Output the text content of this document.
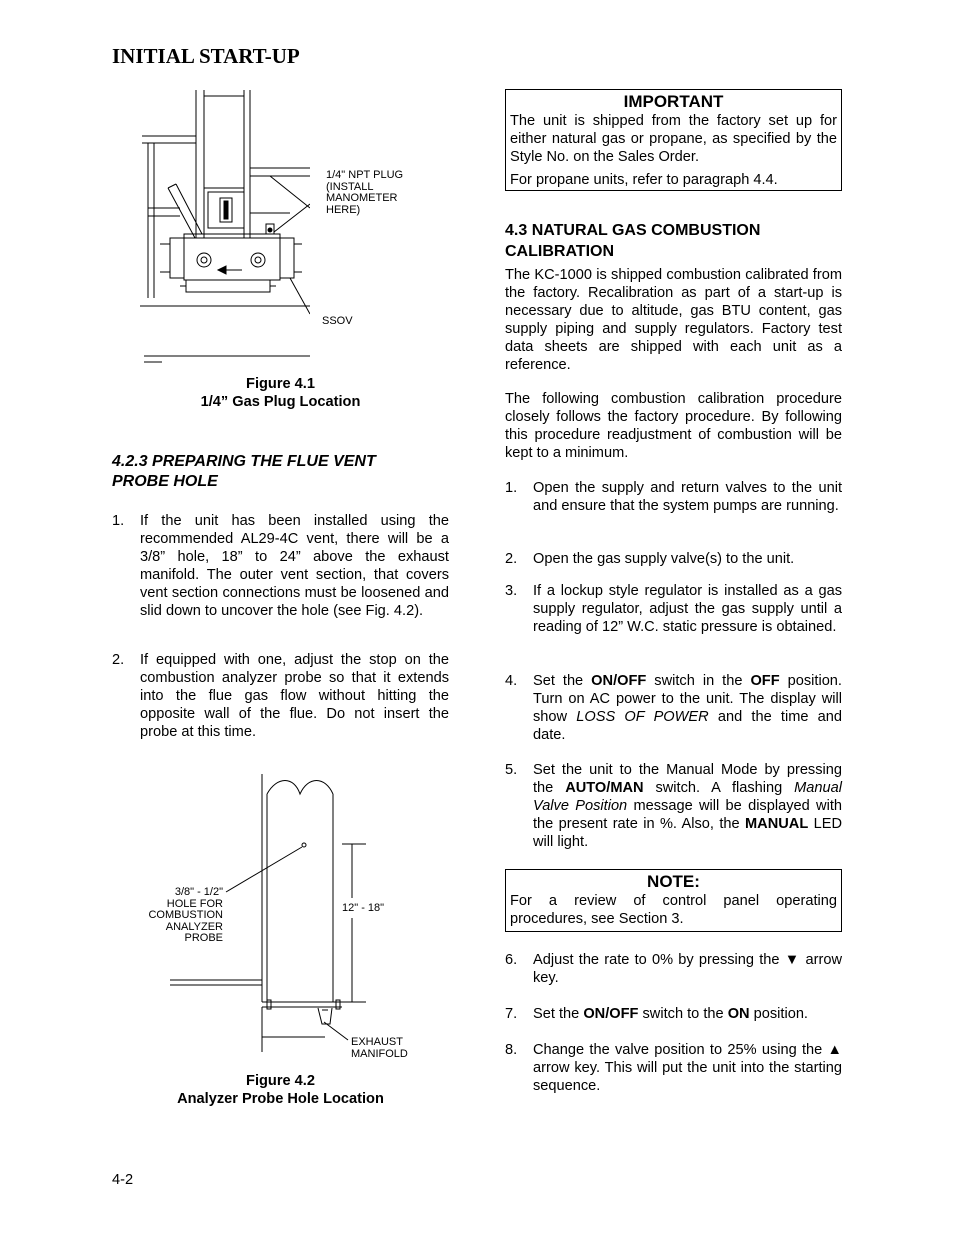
INITIAL START-UP
1/4" NPT PLUG
(INSTALL
MANOMETER
HERE)
SSOV
Figure 4.1
1/4” Gas Plug Location
4.2.3 PREPARING THE FLUE VENT PROBE HOLE
1. If the unit has been installed using the recommended AL29-4C vent, there will be a 3/8” hole, 18” to 24” above the exhaust manifold. The outer vent section, that covers vent section connections must be loosened and slid down to uncover the hole (see Fig. 4.2).
2. If equipped with one, adjust the stop on the combustion analyzer probe so that it extends into the flue gas flow without hitting the opposite wall of the flue. Do not insert the probe at this time.
3/8" - 1/2"
HOLE FOR
COMBUSTION
ANALYZER
PROBE
12" - 18"
EXHAUST
MANIFOLD
Figure 4.2
Analyzer Probe Hole Location
IMPORTANT

The unit is shipped from the factory set up for either natural gas or propane, as specified by the Style No. on the Sales Order.

For propane units, refer to paragraph 4.4.

4.3 NATURAL GAS COMBUSTION
CALIBRATION

The KC-1000 is shipped combustion calibrated from the factory. Recalibration as part of a start-up is necessary due to altitude, gas BTU content, gas supply piping and supply regulators. Factory test data sheets are shipped with each unit as a reference.

The following combustion calibration procedure closely follows the factory procedure. By following this procedure readjustment of combustion will be kept to a minimum.

1. Open the supply and return valves to the unit and ensure that the system pumps are running.
2. Open the gas supply valve(s) to the unit.
3. If a lockup style regulator is installed as a gas supply regulator, adjust the gas supply until a reading of 12” W.C. static pressure is obtained.
4. Set the ON/OFF switch in the OFF position. Turn on AC power to the unit. The display will show LOSS OF POWER and the time and date.
5. Set the unit to the Manual Mode by pressing the AUTO/MAN switch. A flashing Manual Valve Position message will be displayed with the present rate in %. Also, the MANUAL LED will light.
NOTE:

For a review of control panel operating procedures, see Section 3.

6. Adjust the rate to 0% by pressing the ▼ arrow key.
7. Set the ON/OFF switch to the ON position.
8. Change the valve position to 25% using the ▲ arrow key. This will put the unit into the starting sequence.
4-2
